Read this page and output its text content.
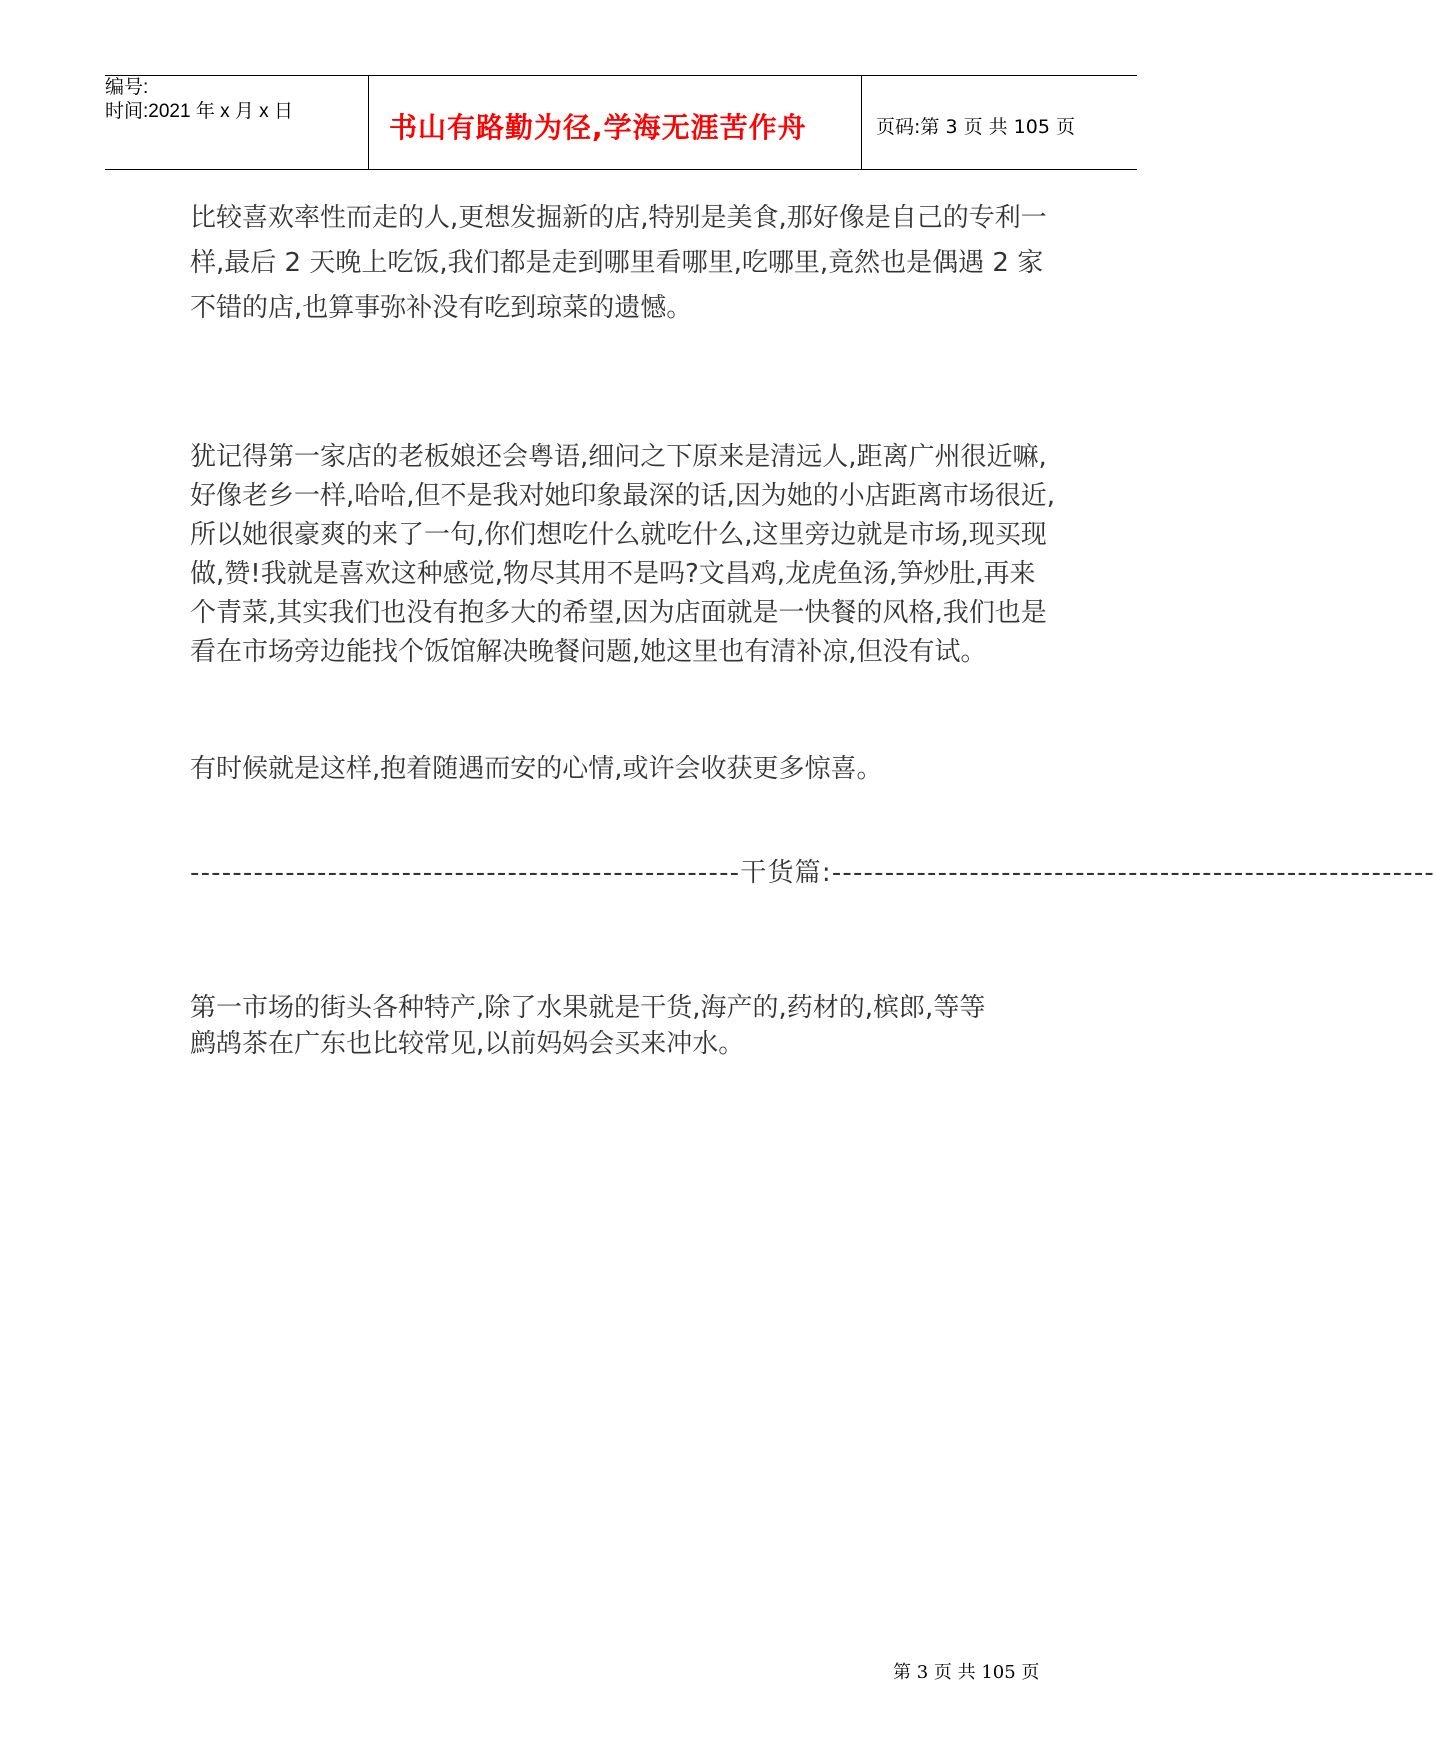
编号:
时间:2021 年 x 月 x 日	书山有路勤为径,学海无涯苦作舟	页码:第 3 页 共 105 页
比较喜欢率性而走的人,更想发掘新的店,特别是美食,那好像是自己的专利一样,最后 2 天晚上吃饭,我们都是走到哪里看哪里,吃哪里,竟然也是偶遇 2 家不错的店,也算事弥补没有吃到琼菜的遗憾。
犹记得第一家店的老板娘还会粤语,细问之下原来是清远人,距离广州很近嘛,好像老乡一样,哈哈,但不是我对她印象最深的话,因为她的小店距离市场很近,所以她很豪爽的来了一句,你们想吃什么就吃什么,这里旁边就是市场,现买现做,赞!我就是喜欢这种感觉,物尽其用不是吗?文昌鸡,龙虎鱼汤,笋炒肚,再来个青菜,其实我们也没有抱多大的希望,因为店面就是一快餐的风格,我们也是看在市场旁边能找个饭馆解决晚餐问题,她这里也有清补凉,但没有试。
有时候就是这样,抱着随遇而安的心情,或许会收获更多惊喜。
----------------------------------------------------干货篇:---------------------------------------------------------
第一市场的街头各种特产,除了水果就是干货,海产的,药材的,槟郎,等等
鹧鸪茶在广东也比较常见,以前妈妈会买来冲水。
第 3 页 共 105 页
